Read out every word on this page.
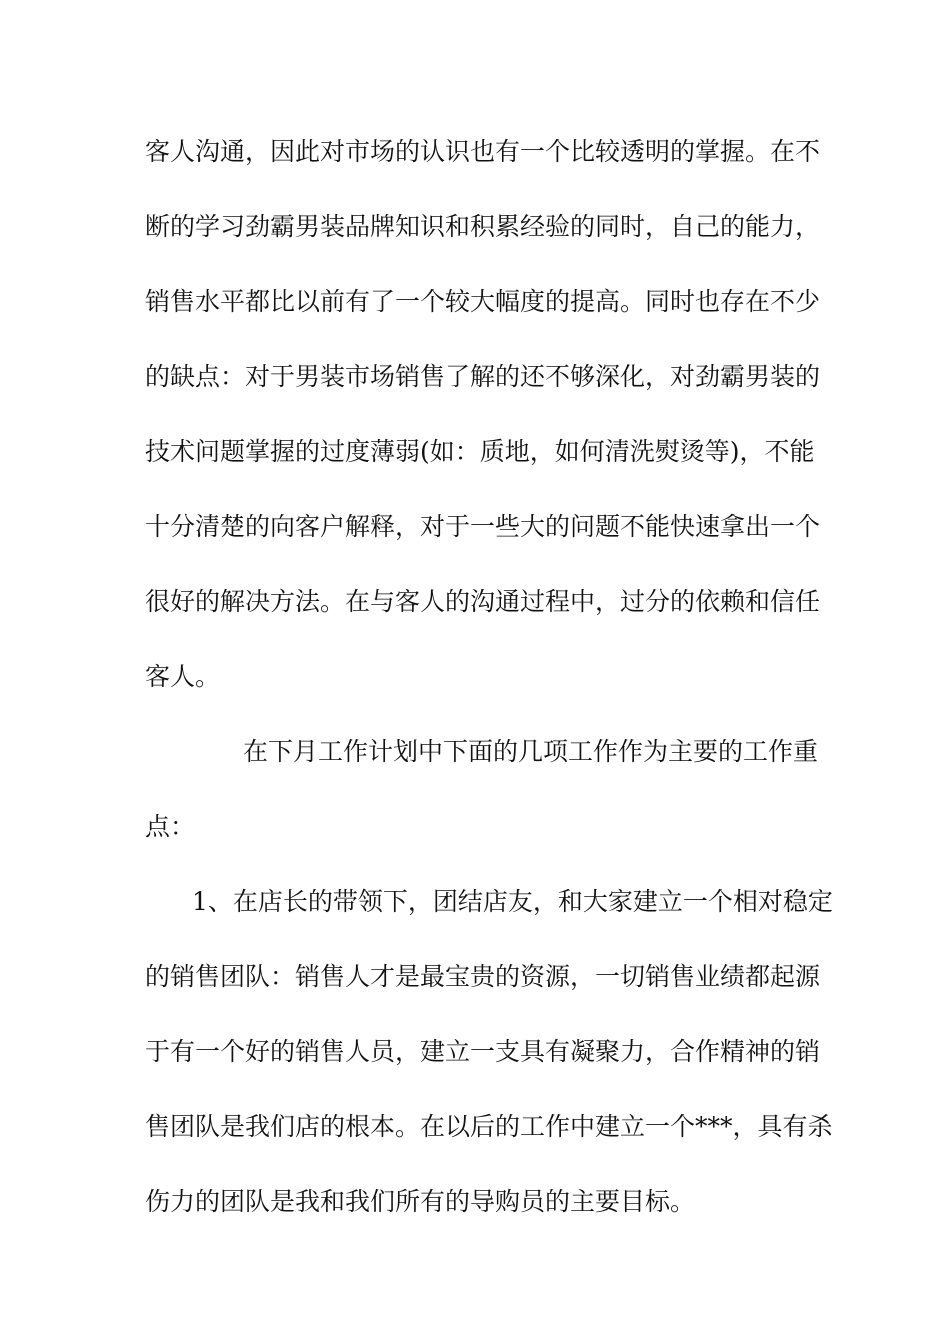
客人沟通，因此对市场的认识也有一个比较透明的掌握。在不
断的学习劲霸男装品牌知识和积累经验的同时，自己的能力，
销售水平都比以前有了一个较大幅度的提高。同时也存在不少
的缺点：对于男装市场销售了解的还不够深化，对劲霸男装的
技术问题掌握的过度薄弱(如：质地，如何清洗熨烫等)，不能
十分清楚的向客户解释，对于一些大的问题不能快速拿出一个
很好的解决方法。在与客人的沟通过程中，过分的依赖和信任
客人。
在下月工作计划中下面的几项工作作为主要的工作重
点：
1、在店长的带领下，团结店友，和大家建立一个相对稳定
的销售团队：销售人才是最宝贵的资源，一切销售业绩都起源
于有一个好的销售人员，建立一支具有凝聚力，合作精神的销
售团队是我们店的根本。在以后的工作中建立一个***，具有杀
伤力的团队是我和我们所有的导购员的主要目标。
